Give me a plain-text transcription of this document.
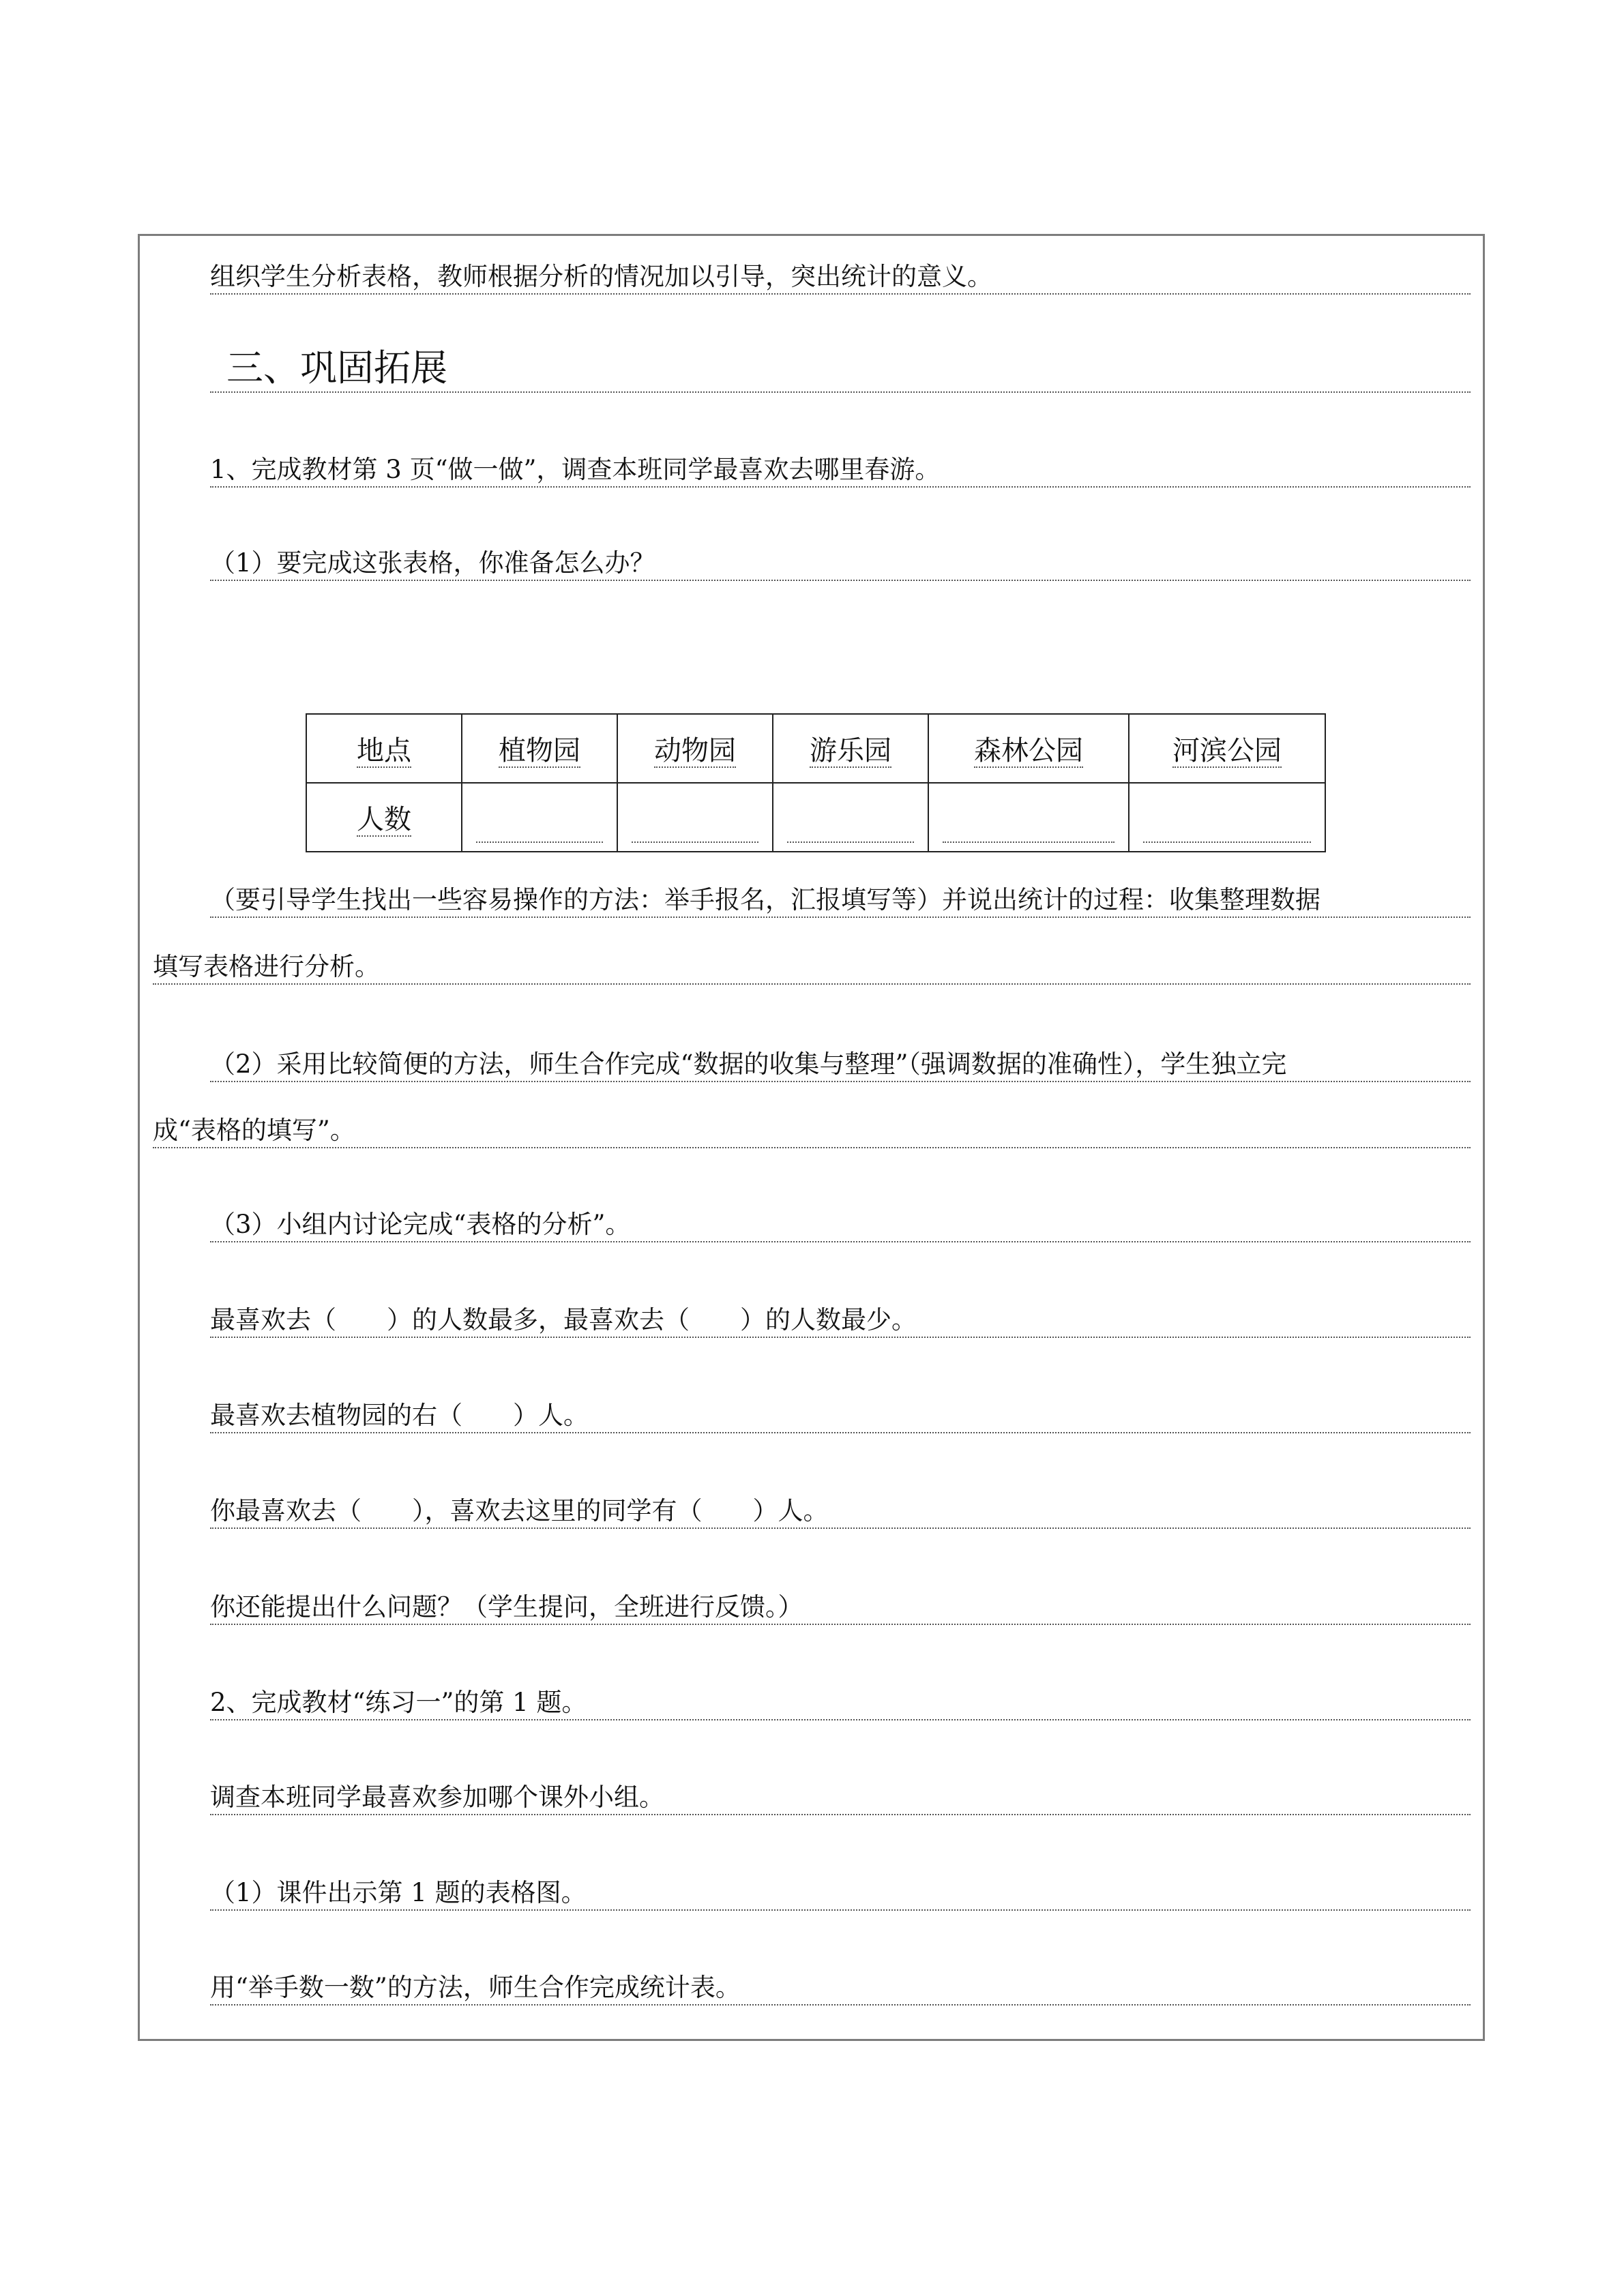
组织学生分析表格，教师根据分析的情况加以引导，突出统计的意义。
三、巩固拓展
1、完成教材第 3 页“做一做”，调查本班同学最喜欢去哪里春游。
（1）要完成这张表格，你准备怎么办？
地点	植物园	动物园	游乐园	森林公园	河滨公园
人数					
（要引导学生找出一些容易操作的方法：举手报名，汇报填写等）并说出统计的过程：收集整理数据
填写表格进行分析。
（2）采用比较简便的方法，师生合作完成“数据的收集与整理”（强调数据的准确性），学生独立完
成“表格的填写”。
（3）小组内讨论完成“表格的分析”。
最喜欢去（　　）的人数最多，最喜欢去（　　）的人数最少。
最喜欢去植物园的右（　　）人。
你最喜欢去（　　），喜欢去这里的同学有（　　）人。
你还能提出什么问题？（学生提问，全班进行反馈。）
2、完成教材“练习一”的第 1 题。
调查本班同学最喜欢参加哪个课外小组。
（1）课件出示第 1 题的表格图。
用“举手数一数”的方法，师生合作完成统计表。
